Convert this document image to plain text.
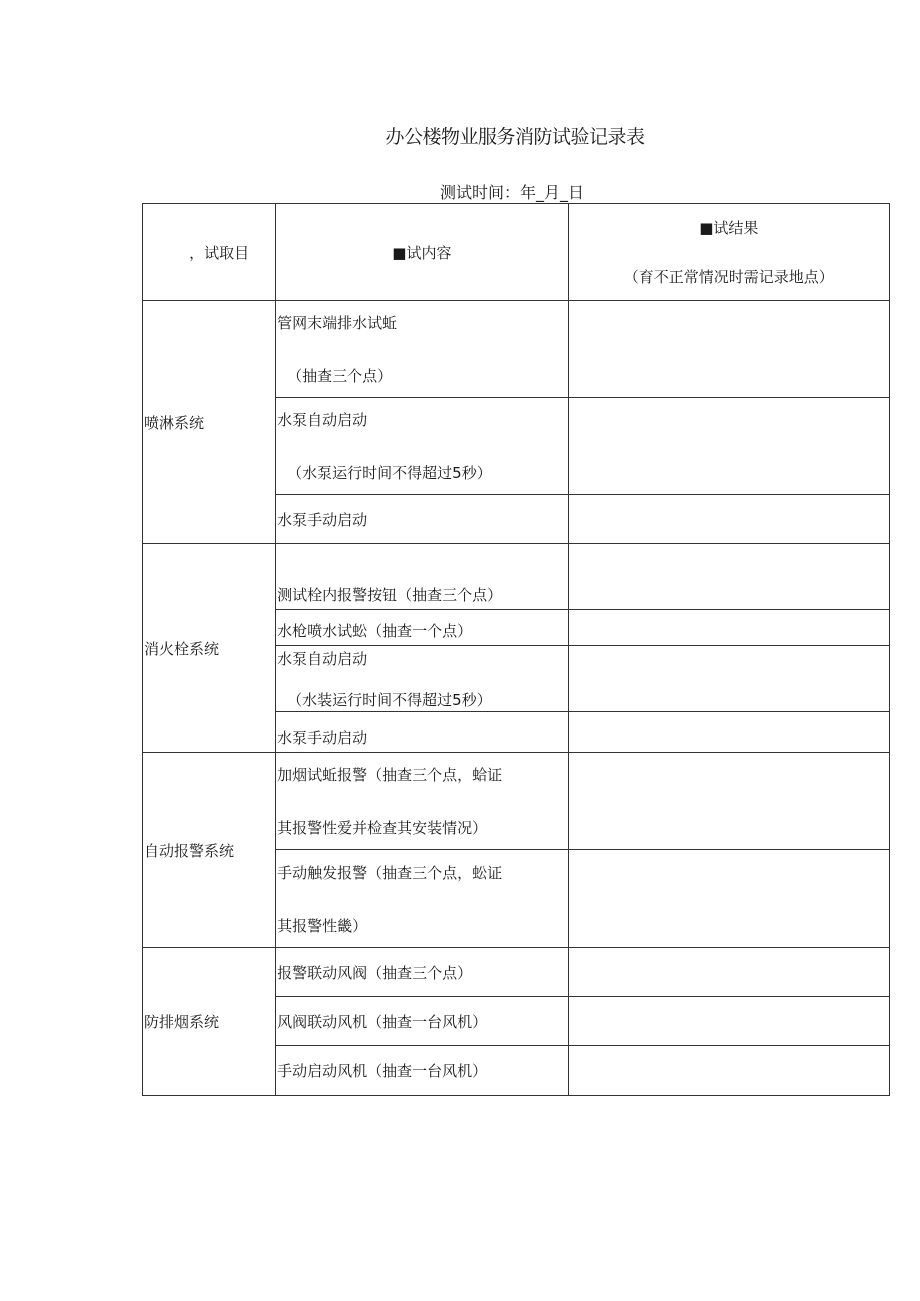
办公楼物业服务消防试验记录表
测试时间：年_月_日
，试取目	■试内容	■试结果
（育不正常情况时需记录地点）
喷淋系统	管网末端排水试蚯
（抽查三个点）	

	水泵自动启动
（水泵运行时间不得超过5秒）	

	水泵手动启动	
消火栓系统	测试栓内报警按钮（抽查三个点）	
	水枪喷水试蚣（抽查一个点）	

	水泵自动启动
（水装运行时间不得超过5秒）	

	水泵手动启动	
自动报警系统	加烟试蚯报警（抽查三个点，蛤证
其报警性爱并检查其安装情况）	

	手动触发报警（抽查三个点，蚣证
其报警性畿）	
防排烟系统	报警联动风阀（抽查三个点）	
	风阀联动风机（抽查一台风机）	
	手动启动风机（抽查一台风机）	
